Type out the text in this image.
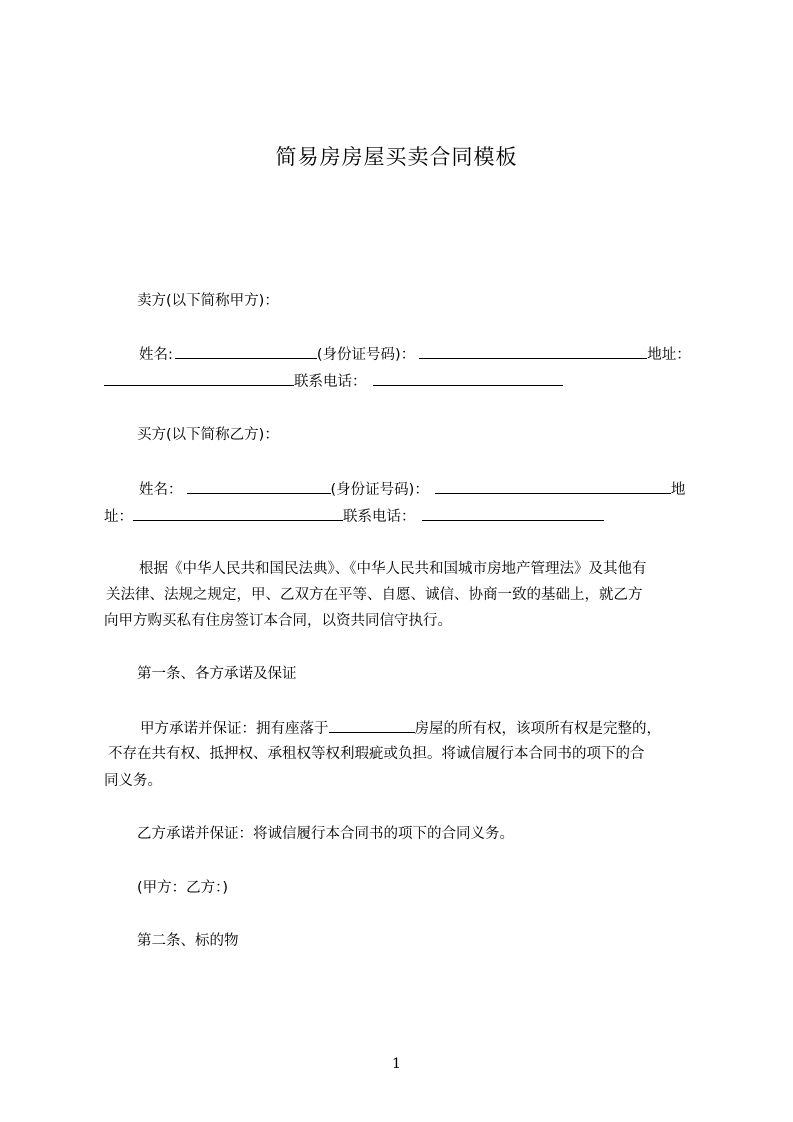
简易房房屋买卖合同模板
卖方(以下简称甲方)：
姓名:	(身份证号码)：	地址：
联系电话：
买方(以下简称乙方)：
姓名：	(身份证号码)：	地
址：	联系电话：
根据《中华人民共和国民法典》、《中华人民共和国城市房地产管理法》及其他有
关法律、法规之规定，甲、乙双方在平等、自愿、诚信、协商一致的基础上，就乙方
向甲方购买私有住房签订本合同，以资共同信守执行。
第一条、各方承诺及保证
甲方承诺并保证：拥有座落于	房屋的所有权，该项所有权是完整的，
不存在共有权、抵押权、承租权等权利瑕疵或负担。将诚信履行本合同书的项下的合
同义务。
乙方承诺并保证：将诚信履行本合同书的项下的合同义务。
(甲方：乙方：)
第二条、标的物
1
